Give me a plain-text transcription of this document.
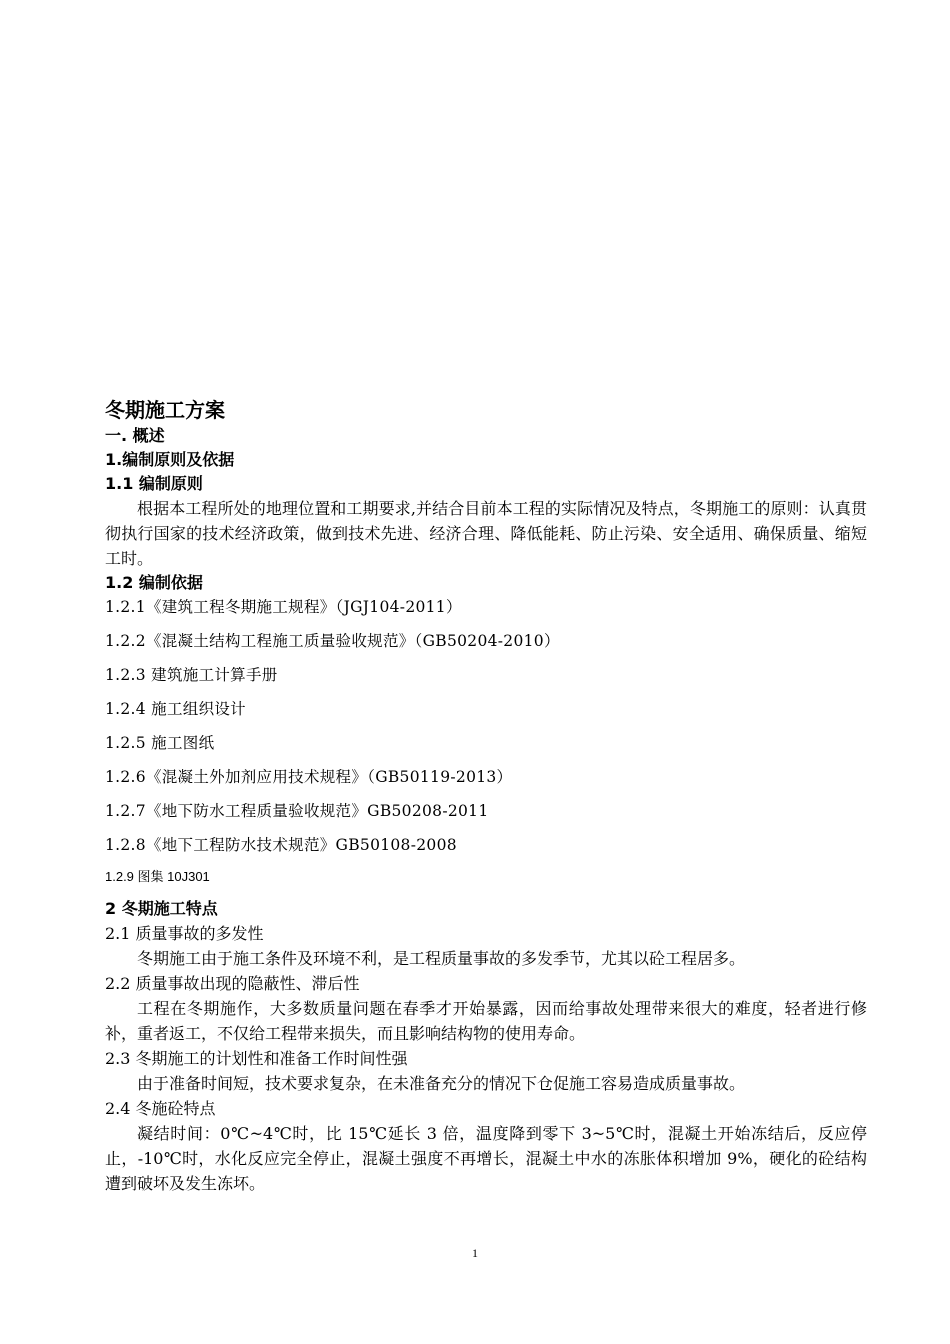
冬期施工方案

一. 概述

1.编制原则及依据

1.1 编制原则

根据本工程所处的地理位置和工期要求,并结合目前本工程的实际情况及特点，冬期施工的原则：认真贯彻执行国家的技术经济政策，做到技术先进、经济合理、降低能耗、防止污染、安全适用、确保质量、缩短工时。

1.2 编制依据

1.2.1《建筑工程冬期施工规程》（JGJ104-2011）

1.2.2《混凝土结构工程施工质量验收规范》（GB50204-2010）

1.2.3 建筑施工计算手册

1.2.4 施工组织设计

1.2.5 施工图纸

1.2.6《混凝土外加剂应用技术规程》（GB50119-2013）

1.2.7《地下防水工程质量验收规范》GB50208-2011

1.2.8《地下工程防水技术规范》GB50108-2008

1.2.9 图集 10J301

2 冬期施工特点

2.1 质量事故的多发性

冬期施工由于施工条件及环境不利，是工程质量事故的多发季节，尤其以砼工程居多。

2.2 质量事故出现的隐蔽性、滞后性

工程在冬期施作，大多数质量问题在春季才开始暴露，因而给事故处理带来很大的难度，轻者进行修补，重者返工，不仅给工程带来损失，而且影响结构物的使用寿命。

2.3 冬期施工的计划性和准备工作时间性强

由于准备时间短，技术要求复杂，在未准备充分的情况下仓促施工容易造成质量事故。

2.4 冬施砼特点

凝结时间：0℃~4℃时，比 15℃延长 3 倍，温度降到零下 3~5℃时，混凝土开始冻结后，反应停止，-10℃时，水化反应完全停止，混凝土强度不再增长，混凝土中水的冻胀体积增加 9%，硬化的砼结构遭到破坏及发生冻坏。

1
